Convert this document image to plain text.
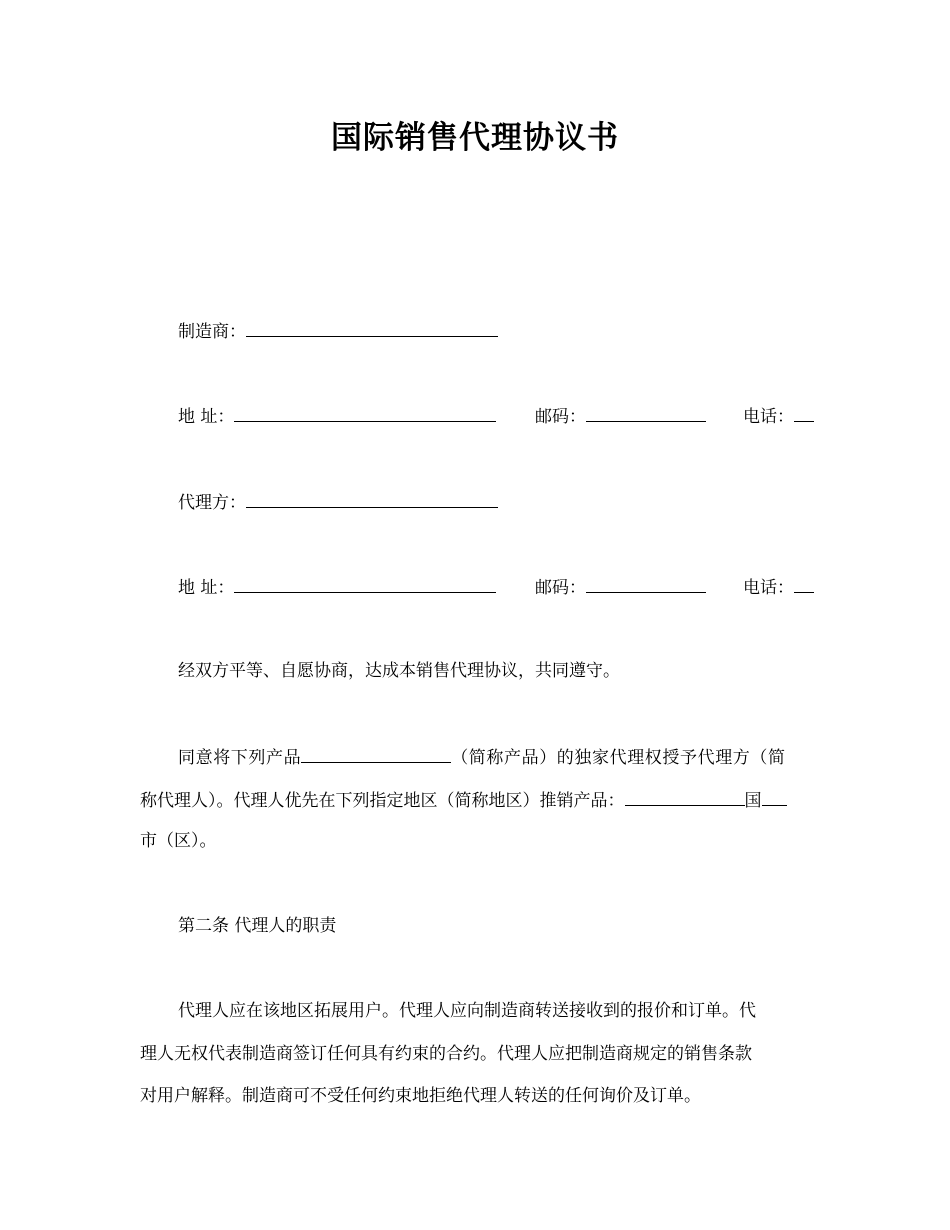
国际销售代理协议书
制造商：
地 址：	邮码：	电话：
代理方：
地 址：	邮码：	电话：
经双方平等、自愿协商，达成本销售代理协议，共同遵守。
同意将下列产品	（简称产品）的独家代理权授予代理方（简
称代理人）。代理人优先在下列指定地区（简称地区）推销产品：	国
市（区）。
第二条 代理人的职责
代理人应在该地区拓展用户。代理人应向制造商转送接收到的报价和订单。代
理人无权代表制造商签订任何具有约束的合约。代理人应把制造商规定的销售条款
对用户解释。制造商可不受任何约束地拒绝代理人转送的任何询价及订单。
